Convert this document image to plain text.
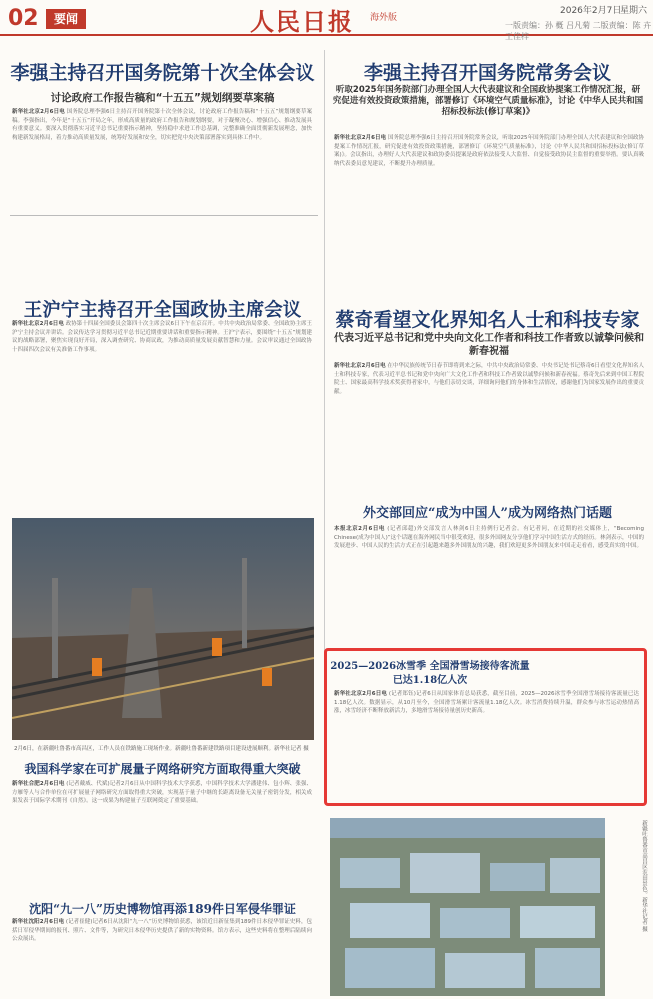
02	要闻	人民日报 海外版
2026年2月7日
星期六
一版责编：孙 概 吕凡菊 二版责编：陈 卉 王佳梓
李强主持召开国务院第十次全体会议
讨论政府工作报告稿和“十五五”规划纲要草案稿
新华社北京2月6日电 国务院总理李强6日主持召开国务院第十次全体会议，讨论政府工作报告稿和“十五五”规划纲要草案稿。李强指出，今年是“十五五”开局之年，形成高质量的政府工作报告和规划纲要，对于凝聚决心、增强信心、推动发展具有重要意义。要深入贯彻落实习近平总书记重要指示精神，坚持稳中求进工作总基调，完整准确全面贯彻新发展理念，加快构建新发展格局，着力推动高质量发展，统筹好发展和安全，切实把党中央决策部署落实到具体工作中。
李强主持召开国务院常务会议
听取2025年国务院部门办理全国人大代表建议和全国政协提案工作情况汇报，研究促进有效投资政策措施，部署修订《环境空气质量标准》，讨论《中华人民共和国招标投标法(修订草案)》
新华社北京2月6日电 国务院总理李强6日主持召开国务院常务会议，听取2025年国务院部门办理全国人大代表建议和全国政协提案工作情况汇报，研究促进有效投资政策措施，部署修订《环境空气质量标准》，讨论《中华人民共和国招标投标法(修订草案)》。会议指出，办理好人大代表建议和政协委员提案是政府依法接受人大监督、自觉接受政协民主监督的重要举措。要认真吸纳代表委员意见建议，不断提升办理质量。
王沪宁主持召开全国政协主席会议
新华社北京2月6日电 政协第十四届全国委员会第四十次主席会议6日下午在京召开。中共中央政治局常委、全国政协主席王沪宁主持会议并讲话。会议传达学习贯彻习近平总书记近期重要讲话和重要指示精神。王沪宁表示，要围绕“十五五”规划建议的战略部署，聚焦实现良好开局，深入调查研究、协商议政，为推动高质量发展贡献智慧和力量。会议审议通过全国政协十四届四次会议有关准备工作事项。
蔡奇看望文化界知名人士和科技专家
代表习近平总书记和党中央向文化工作者和科技工作者致以诚挚问候和新春祝福
新华社北京2月6日电 在中华民族传统节日春节即将到来之际，中共中央政治局常委、中央书记处书记蔡奇6日看望文化界知名人士和科技专家，代表习近平总书记和党中央向广大文化工作者和科技工作者致以诚挚问候和新春祝福。蔡奇先后来到中国工程院院士、国家最高科学技术奖获得者家中，与他们亲切交谈，详细询问他们的身体和生活情况，感谢他们为国家发展作出的重要贡献。
2月6日，在新疆吐鲁番市高昌区，工作人员在铁路施工现场作业。新疆吐鲁番新建铁路项目建设进展顺利。新华社记者 摄
外交部回应“成为中国人”成为网络热门话题
本报北京2月6日电 (记者邱超)外交部发言人林剑6日主持例行记者会。有记者问，在近期的社交媒体上，“Becoming Chinese(成为中国人)”这个话题在海外网民当中很受欢迎，很多外国网友分享他们学习中国生活方式的经历。林剑表示，中国的发展进步、中国人民的生活方式正在引起越来越多外国朋友的兴趣，我们欢迎更多外国朋友来中国走走看看，感受真实的中国。
2025—2026冰雪季 全国滑雪场接待客流量已达1.18亿人次
新华社北京2月6日电 (记者郑钰)记者6日从国家体育总局获悉，截至目前，2025—2026冰雪季全国滑雪场接待客流量已达1.18亿人次。数据显示，从10月至今，全国滑雪场累计客流量1.18亿人次。冰雪消费持续升温，群众参与冰雪运动热情高涨，冰雪经济不断释放新活力，多地滑雪场接待量创历史新高。
我国科学家在可扩展量子网络研究方面取得重大突破
新华社合肥2月6日电 (记者戴威、代斌)记者2月6日从中国科学技术大学获悉，中国科学技术大学潘建伟、包小辉、张强、方雁等人与合作单位在可扩展量子网络研究方面取得重大突破，实现基于量子中继的长距离设备无关量子密钥分发，相关成果发表于国际学术期刊《自然》。这一成果为构建量子互联网奠定了重要基础。
沈阳“九一八”历史博物馆再添189件日军侵华罪证
新华社沈阳2月6日电 (记者崔健)记者6日从沈阳“九一八”历史博物馆获悉，该馆近日新征集到189件日本侵华罪证史料，包括日军侵华期间的报刊、照片、文件等，为研究日本侵华历史提供了新的实物资料。馆方表示，这些史料将在整理后陆续向公众展出。
新疆吐鲁番市高昌区农田景色。新华社记者 摄
